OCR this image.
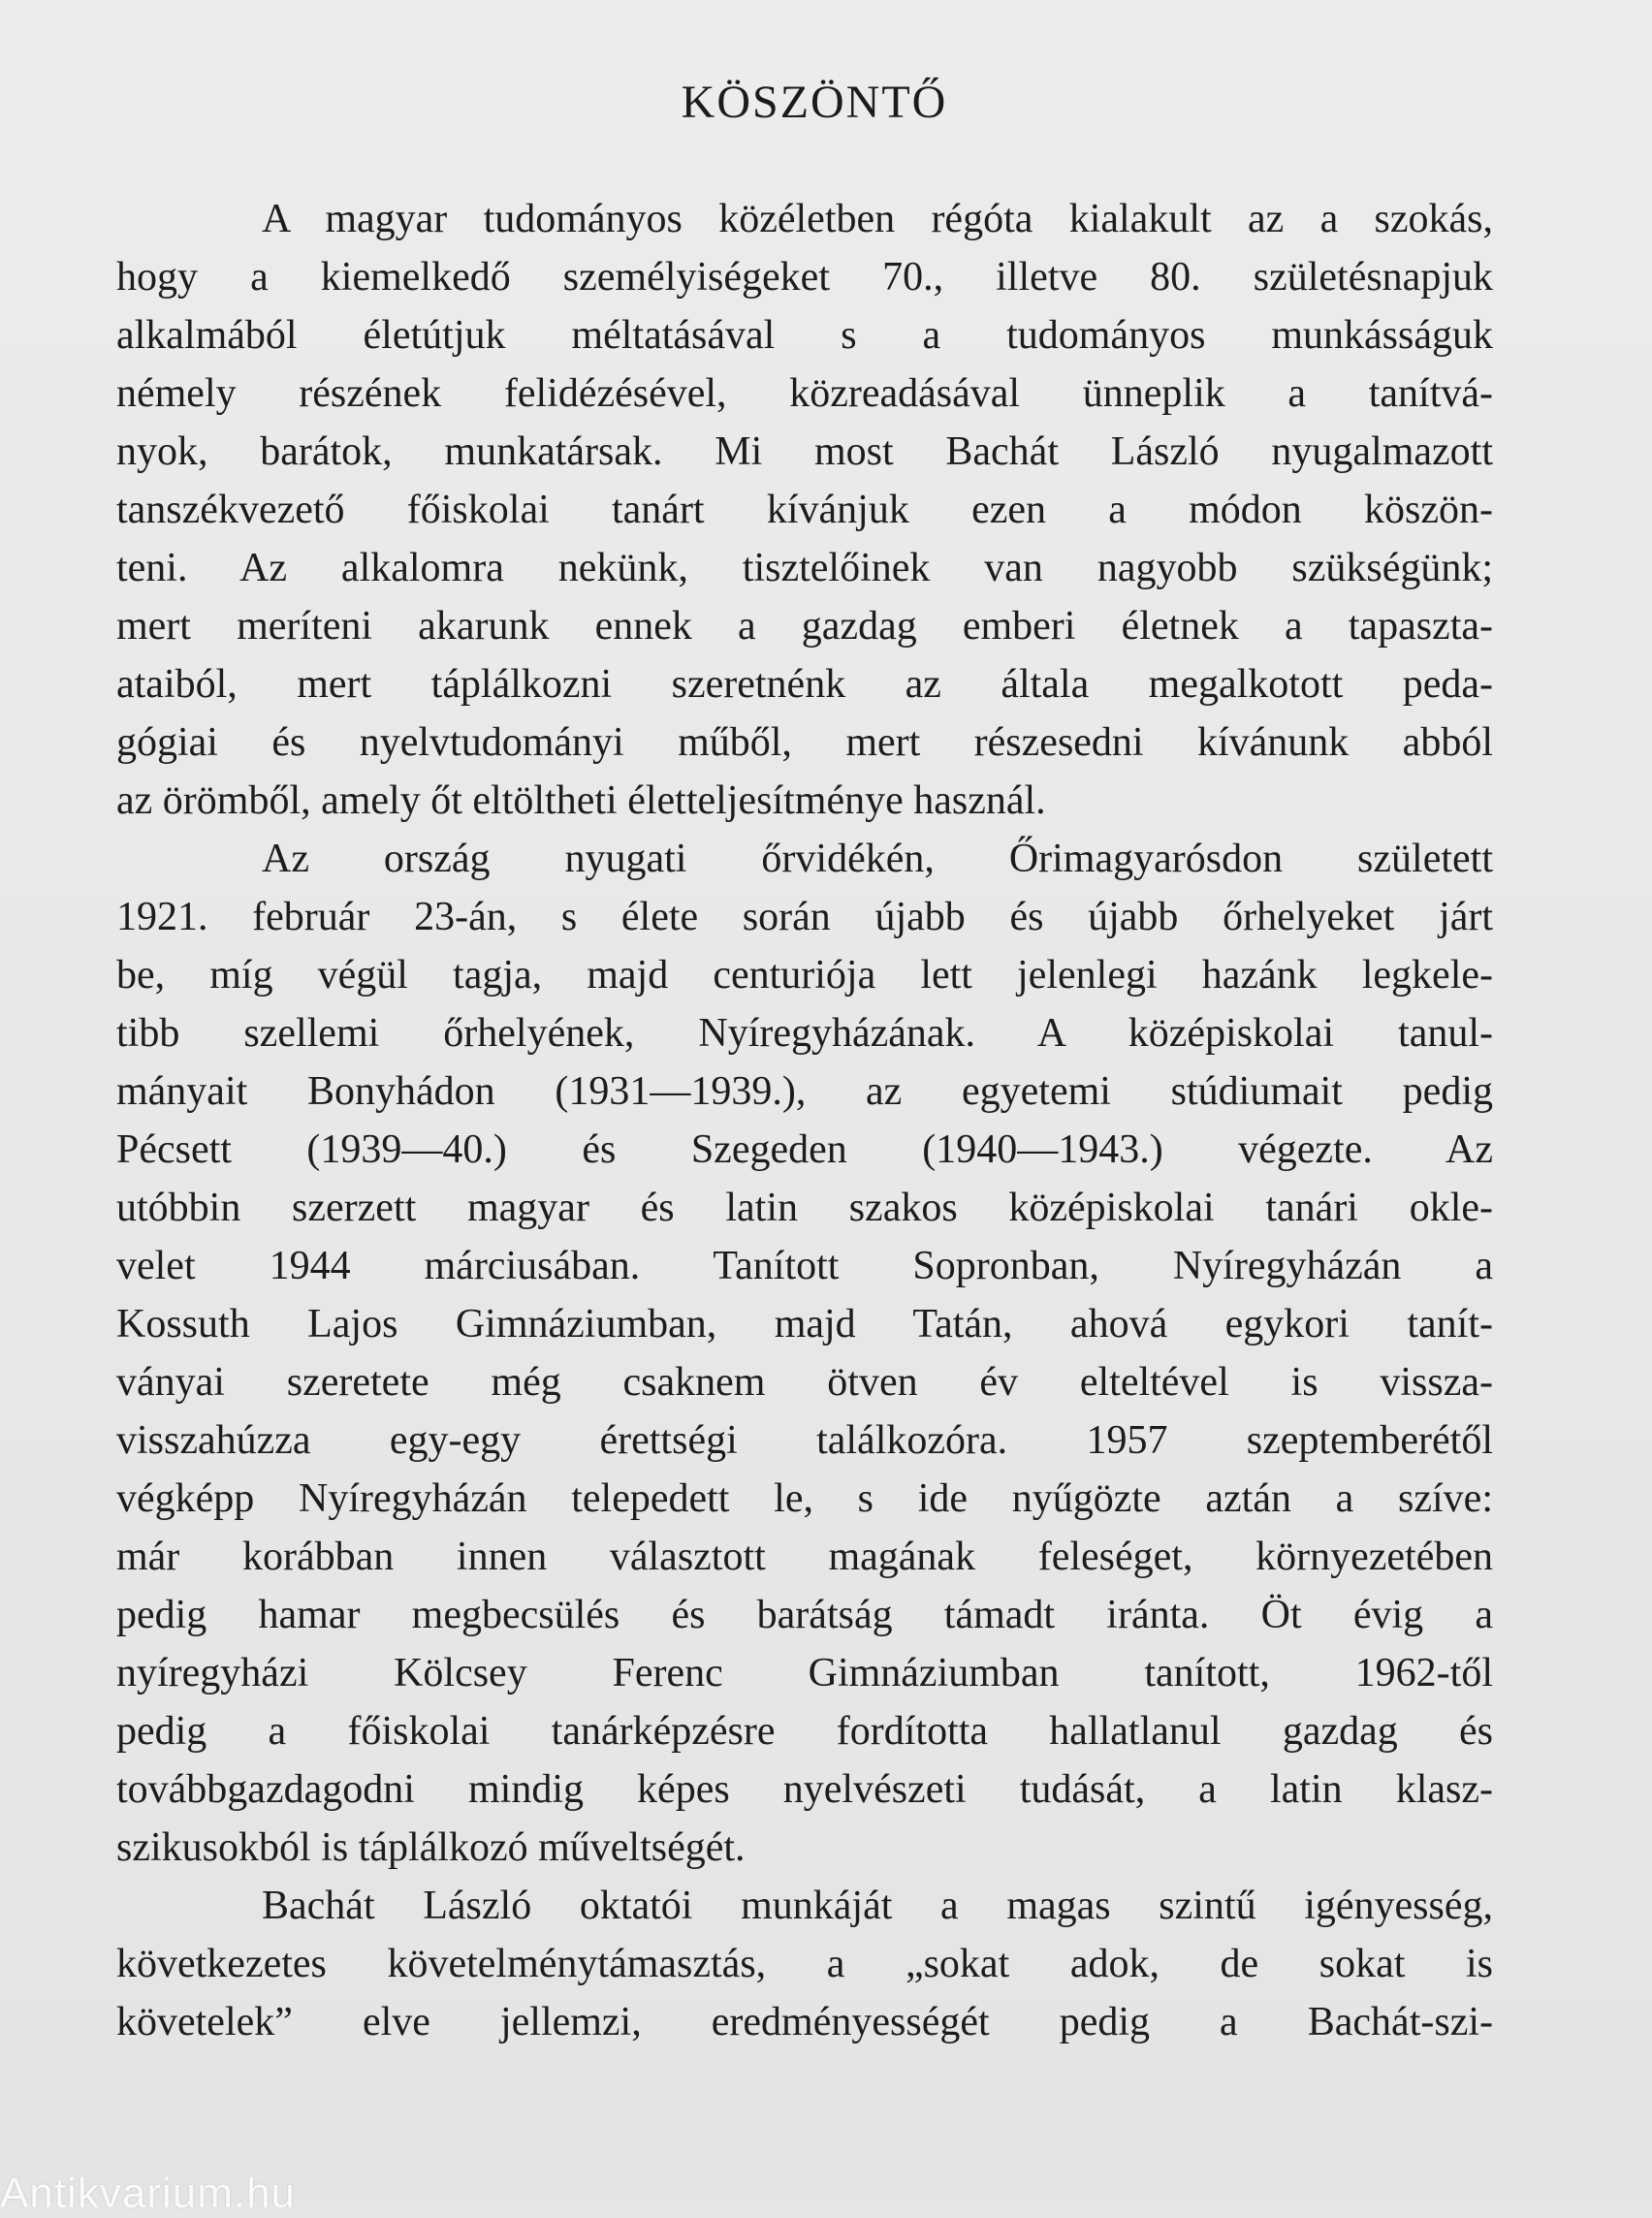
KÖSZÖNTŐ
A magyar tudományos közéletben régóta kialakult az a szokás,
hogy a kiemelkedő személyiségeket 70., illetve 80. születésnapjuk
alkalmából életútjuk méltatásával s a tudományos munkásságuk
némely részének felidézésével, közreadásával ünneplik a tanítvá-
nyok, barátok, munkatársak. Mi most Bachát László nyugalmazott
tanszékvezető főiskolai tanárt kívánjuk ezen a módon köszön-
teni. Az alkalomra nekünk, tisztelőinek van nagyobb szükségünk;
mert meríteni akarunk ennek a gazdag emberi életnek a tapaszta-
ataiból, mert táplálkozni szeretnénk az általa megalkotott peda-
gógiai és nyelvtudományi műből, mert részesedni kívánunk abból
az örömből, amely őt eltöltheti életteljesítménye használ.
Az ország nyugati őrvidékén, Őrimagyarósdon született
1921. február 23-án, s élete során újabb és újabb őrhelyeket járt
be, míg végül tagja, majd centuriója lett jelenlegi hazánk legkele-
tibb szellemi őrhelyének, Nyíregyházának. A középiskolai tanul-
mányait Bonyhádon (1931—1939.), az egyetemi stúdiumait pedig
Pécsett (1939—40.) és Szegeden (1940—1943.) végezte. Az
utóbbin szerzett magyar és latin szakos középiskolai tanári okle-
velet 1944 márciusában. Tanított Sopronban, Nyíregyházán a
Kossuth Lajos Gimnáziumban, majd Tatán, ahová egykori tanít-
ványai szeretete még csaknem ötven év elteltével is vissza-
visszahúzza egy-egy érettségi találkozóra. 1957 szeptemberétől
végképp Nyíregyházán telepedett le, s ide nyűgözte aztán a szíve:
már korábban innen választott magának feleséget, környezetében
pedig hamar megbecsülés és barátság támadt iránta. Öt évig a
nyíregyházi Kölcsey Ferenc Gimnáziumban tanított, 1962-től
pedig a főiskolai tanárképzésre fordította hallatlanul gazdag és
továbbgazdagodni mindig képes nyelvészeti tudását, a latin klasz-
szikusokból is táplálkozó műveltségét.
Bachát László oktatói munkáját a magas szintű igényesség,
következetes követelménytámasztás, a „sokat adok, de sokat is
követelek” elve jellemzi, eredményességét pedig a Bachát-szi-
Antikvarium.hu
